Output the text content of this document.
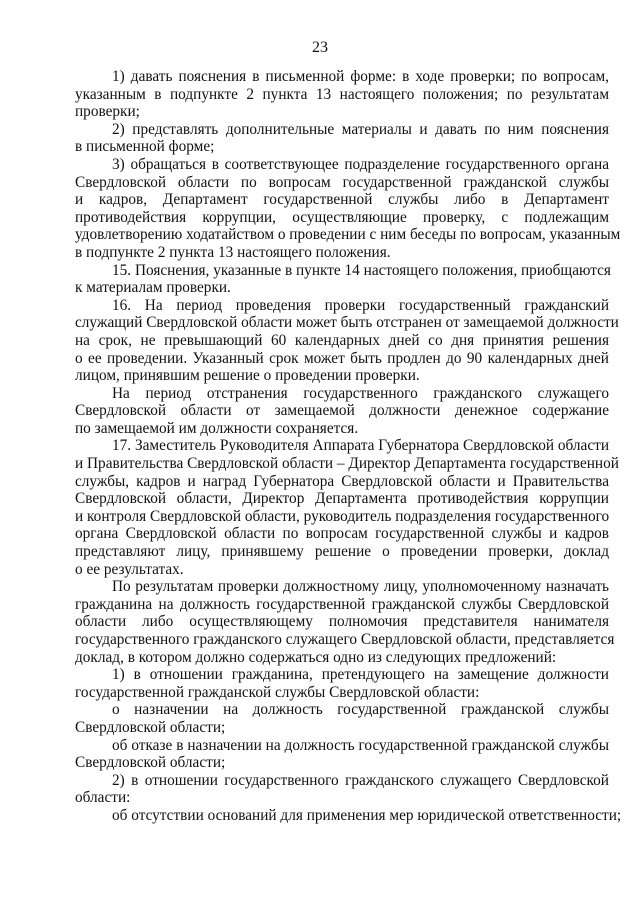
23
1) давать пояснения в письменной форме: в ходе проверки; по вопросам,
указанным в подпункте 2 пункта 13 настоящего положения; по результатам
проверки;
2) представлять дополнительные материалы и давать по ним пояснения
в письменной форме;
3) обращаться в соответствующее подразделение государственного органа
Свердловской области по вопросам государственной гражданской службы
и кадров, Департамент государственной службы либо в Департамент
противодействия коррупции, осуществляющие проверку, с подлежащим
удовлетворению ходатайством о проведении с ним беседы по вопросам, указанным
в подпункте 2 пункта 13 настоящего положения.
15. Пояснения, указанные в пункте 14 настоящего положения, приобщаются
к материалам проверки.
16. На период проведения проверки государственный гражданский
служащий Свердловской области может быть отстранен от замещаемой должности
на срок, не превышающий 60 календарных дней со дня принятия решения
о ее проведении. Указанный срок может быть продлен до 90 календарных дней
лицом, принявшим решение о проведении проверки.
На период отстранения государственного гражданского служащего
Свердловской области от замещаемой должности денежное содержание
по замещаемой им должности сохраняется.
17. Заместитель Руководителя Аппарата Губернатора Свердловской области
и Правительства Свердловской области – Директор Департамента государственной
службы, кадров и наград Губернатора Свердловской области и Правительства
Свердловской области, Директор Департамента противодействия коррупции
и контроля Свердловской области, руководитель подразделения государственного
органа Свердловской области по вопросам государственной службы и кадров
представляют лицу, принявшему решение о проведении проверки, доклад
о ее результатах.
По результатам проверки должностному лицу, уполномоченному назначать
гражданина на должность государственной гражданской службы Свердловской
области либо осуществляющему полномочия представителя нанимателя
государственного гражданского служащего Свердловской области, представляется
доклад, в котором должно содержаться одно из следующих предложений:
1) в отношении гражданина, претендующего на замещение должности
государственной гражданской службы Свердловской области:
о назначении на должность государственной гражданской службы
Свердловской области;
об отказе в назначении на должность государственной гражданской службы
Свердловской области;
2) в отношении государственного гражданского служащего Свердловской
области:
об отсутствии оснований для применения мер юридической ответственности;
